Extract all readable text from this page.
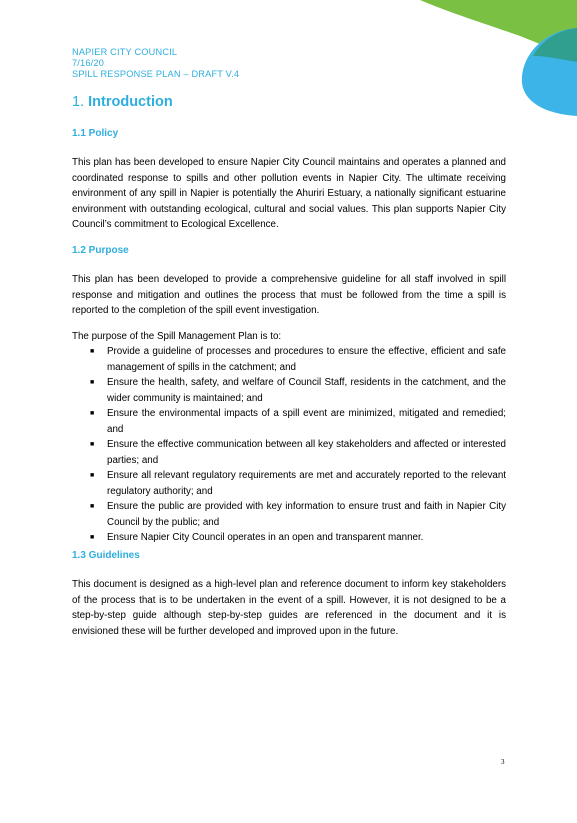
NAPIER CITY COUNCIL
7/16/20
SPILL RESPONSE PLAN – DRAFT V.4
1. Introduction
1.1 Policy

This plan has been developed to ensure Napier City Council maintains and operates a planned and coordinated response to spills and other pollution events in Napier City. The ultimate receiving environment of any spill in Napier is potentially the Ahuriri Estuary, a nationally significant estuarine environment with outstanding ecological, cultural and social values. This plan supports Napier City Council’s commitment to Ecological Excellence.

1.2 Purpose

This plan has been developed to provide a comprehensive guideline for all staff involved in spill response and mitigation and outlines the process that must be followed from the time a spill is reported to the completion of the spill event investigation.

The purpose of the Spill Management Plan is to:

■ Provide a guideline of processes and procedures to ensure the effective, efficient and safe management of spills in the catchment; and
■ Ensure the health, safety, and welfare of Council Staff, residents in the catchment, and the wider community is maintained; and
■ Ensure the environmental impacts of a spill event are minimized, mitigated and remedied; and
■ Ensure the effective communication between all key stakeholders and affected or interested parties; and
■ Ensure all relevant regulatory requirements are met and accurately reported to the relevant regulatory authority; and
■ Ensure the public are provided with key information to ensure trust and faith in Napier City Council by the public; and
■ Ensure Napier City Council operates in an open and transparent manner.
1.3 Guidelines

This document is designed as a high-level plan and reference document to inform key stakeholders of the process that is to be undertaken in the event of a spill. However, it is not designed to be a step-by-step guide although step-by-step guides are referenced in the document and it is envisioned these will be further developed and improved upon in the future.

3
